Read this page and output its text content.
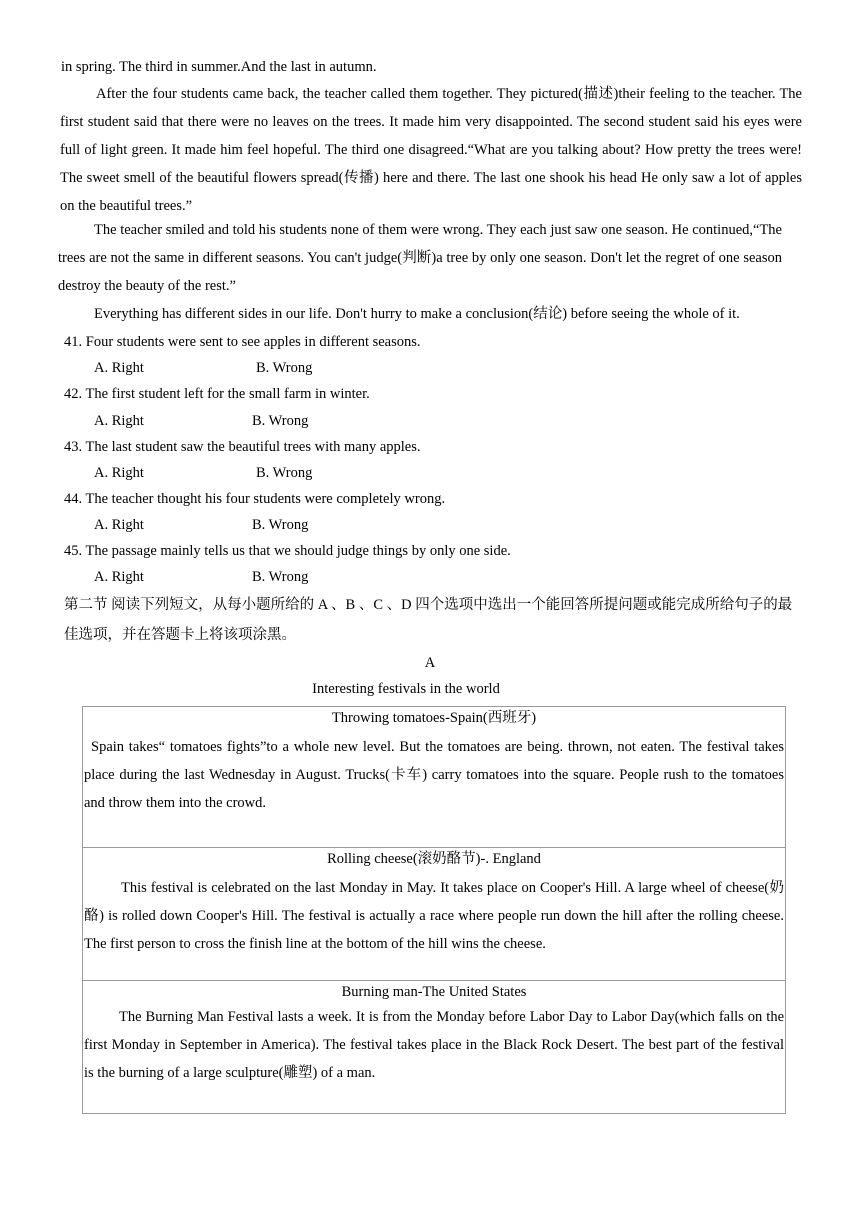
in spring. The third in summer.And the last in autumn.
After the four students came back, the teacher called them together. They pictured(描述)their feeling to the teacher. The first student said that there were no leaves on the trees. It made him very disappointed. The second student said his eyes were full of light green. It made him feel hopeful. The third one disagreed.“What are you talking about? How pretty the trees were! The sweet smell of the beautiful flowers spread(传播) here and there. The last one shook his head He only saw a lot of apples on the beautiful trees.”
The teacher smiled and told his students none of them were wrong. They each just saw one season. He continued,“The trees are not the same in different seasons. You can't judge(判断)a tree by only one season. Don't let the regret of one season destroy the beauty of the rest.”
Everything has different sides in our life. Don't hurry to make a conclusion(结论) before seeing the whole of it.
41. Four students were sent to see apples in different seasons.
A. Right	B. Wrong
42. The first student left for the small farm in winter.
A. Right	B. Wrong
43. The last student saw the beautiful trees with many apples.
A. Right	B. Wrong
44. The teacher thought his four students were completely wrong.
A. Right	B. Wrong
45. The passage mainly tells us that we should judge things by only one side.
A. Right	B. Wrong
第二节 阅读下列短文，从每小题所给的 A 、B 、C 、D 四个选项中选出一个能回答所提问题或能完成所给句子的最佳选项，并在答题卡上将该项涂黑。
A
Interesting festivals in the world
Throwing tomatoes-Spain(西班牙)
Spain takes“ tomatoes fights”to a whole new level. But the tomatoes are being. thrown, not eaten. The festival takes place during the last Wednesday in August. Trucks(卡车) carry tomatoes into the square. People rush to the tomatoes and throw them into the crowd.

Rolling cheese(滚奶酪节)-. England
This festival is celebrated on the last Monday in May. It takes place on Cooper's Hill. A large wheel of cheese(奶酪) is rolled down Cooper's Hill. The festival is actually a race where people run down the hill after the rolling cheese. The first person to cross the finish line at the bottom of the hill wins the cheese.

Burning man-The United States
The Burning Man Festival lasts a week. It is from the Monday before Labor Day to Labor Day(which falls on the first Monday in September in America). The festival takes place in the Black Rock Desert. The best part of the festival is the burning of a large sculpture(雕塑) of a man.
